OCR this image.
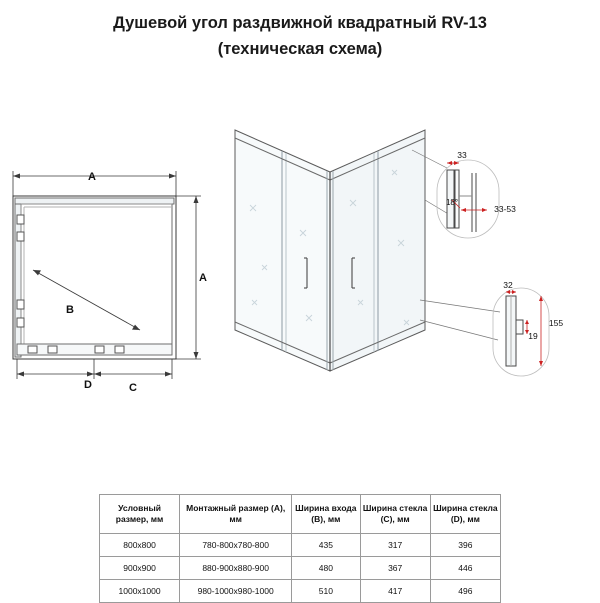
Душевой угол раздвижной квадратный RV-13
(техническая схема)
A
A
B
D	C
33
18°
33-53
32
155
19
Условный размер, мм	Монтажный размер (A), мм	Ширина входа (B), мм	Ширина стекла (C), мм	Ширина стекла (D), мм
800х800	780-800х780-800	435	317	396
900х900	880-900х880-900	480	367	446
1000х1000	980-1000х980-1000	510	417	496
